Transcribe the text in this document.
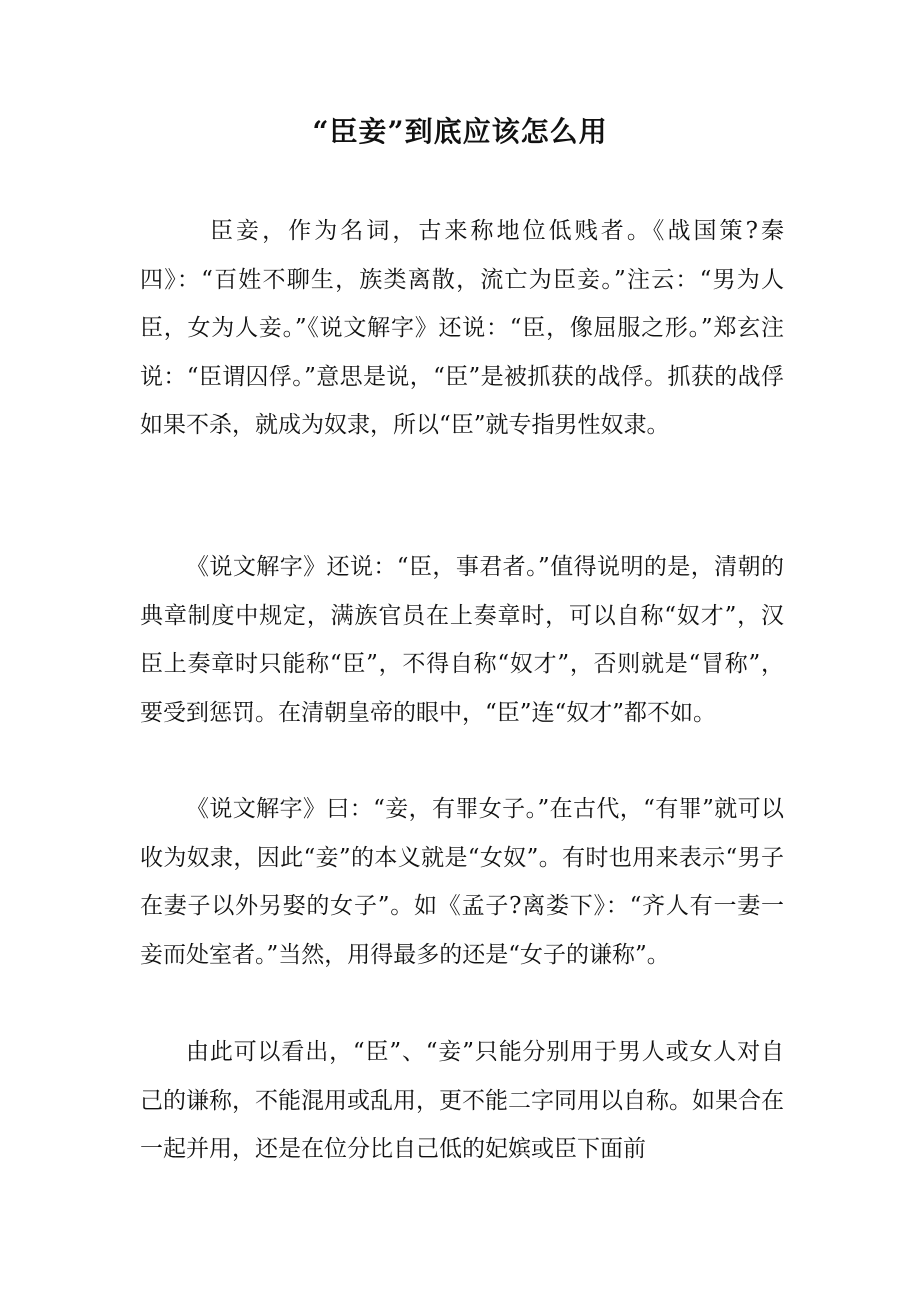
“臣妾”到底应该怎么用

臣妾，作为名词，古来称地位低贱者。《战国策?秦四》：“百姓不聊生，族类离散，流亡为臣妾。”注云：“男为人臣，女为人妾。”《说文解字》还说：“臣，像屈服之形。”郑玄注说：“臣谓囚俘。”意思是说，“臣”是被抓获的战俘。抓获的战俘如果不杀，就成为奴隶，所以“臣”就专指男性奴隶。

《说文解字》还说：“臣，事君者。”值得说明的是，清朝的典章制度中规定，满族官员在上奏章时，可以自称“奴才”，汉臣上奏章时只能称“臣”，不得自称“奴才”，否则就是“冒称”，要受到惩罚。在清朝皇帝的眼中，“臣”连“奴才”都不如。

《说文解字》曰：“妾，有罪女子。”在古代，“有罪”就可以收为奴隶，因此“妾”的本义就是“女奴”。有时也用来表示“男子在妻子以外另娶的女子”。如《孟子?离娄下》：“齐人有一妻一妾而处室者。”当然，用得最多的还是“女子的谦称”。

由此可以看出，“臣”、“妾”只能分别用于男人或女人对自己的谦称，不能混用或乱用，更不能二字同用以自称。如果合在一起并用，还是在位分比自己低的妃嫔或臣下面前
